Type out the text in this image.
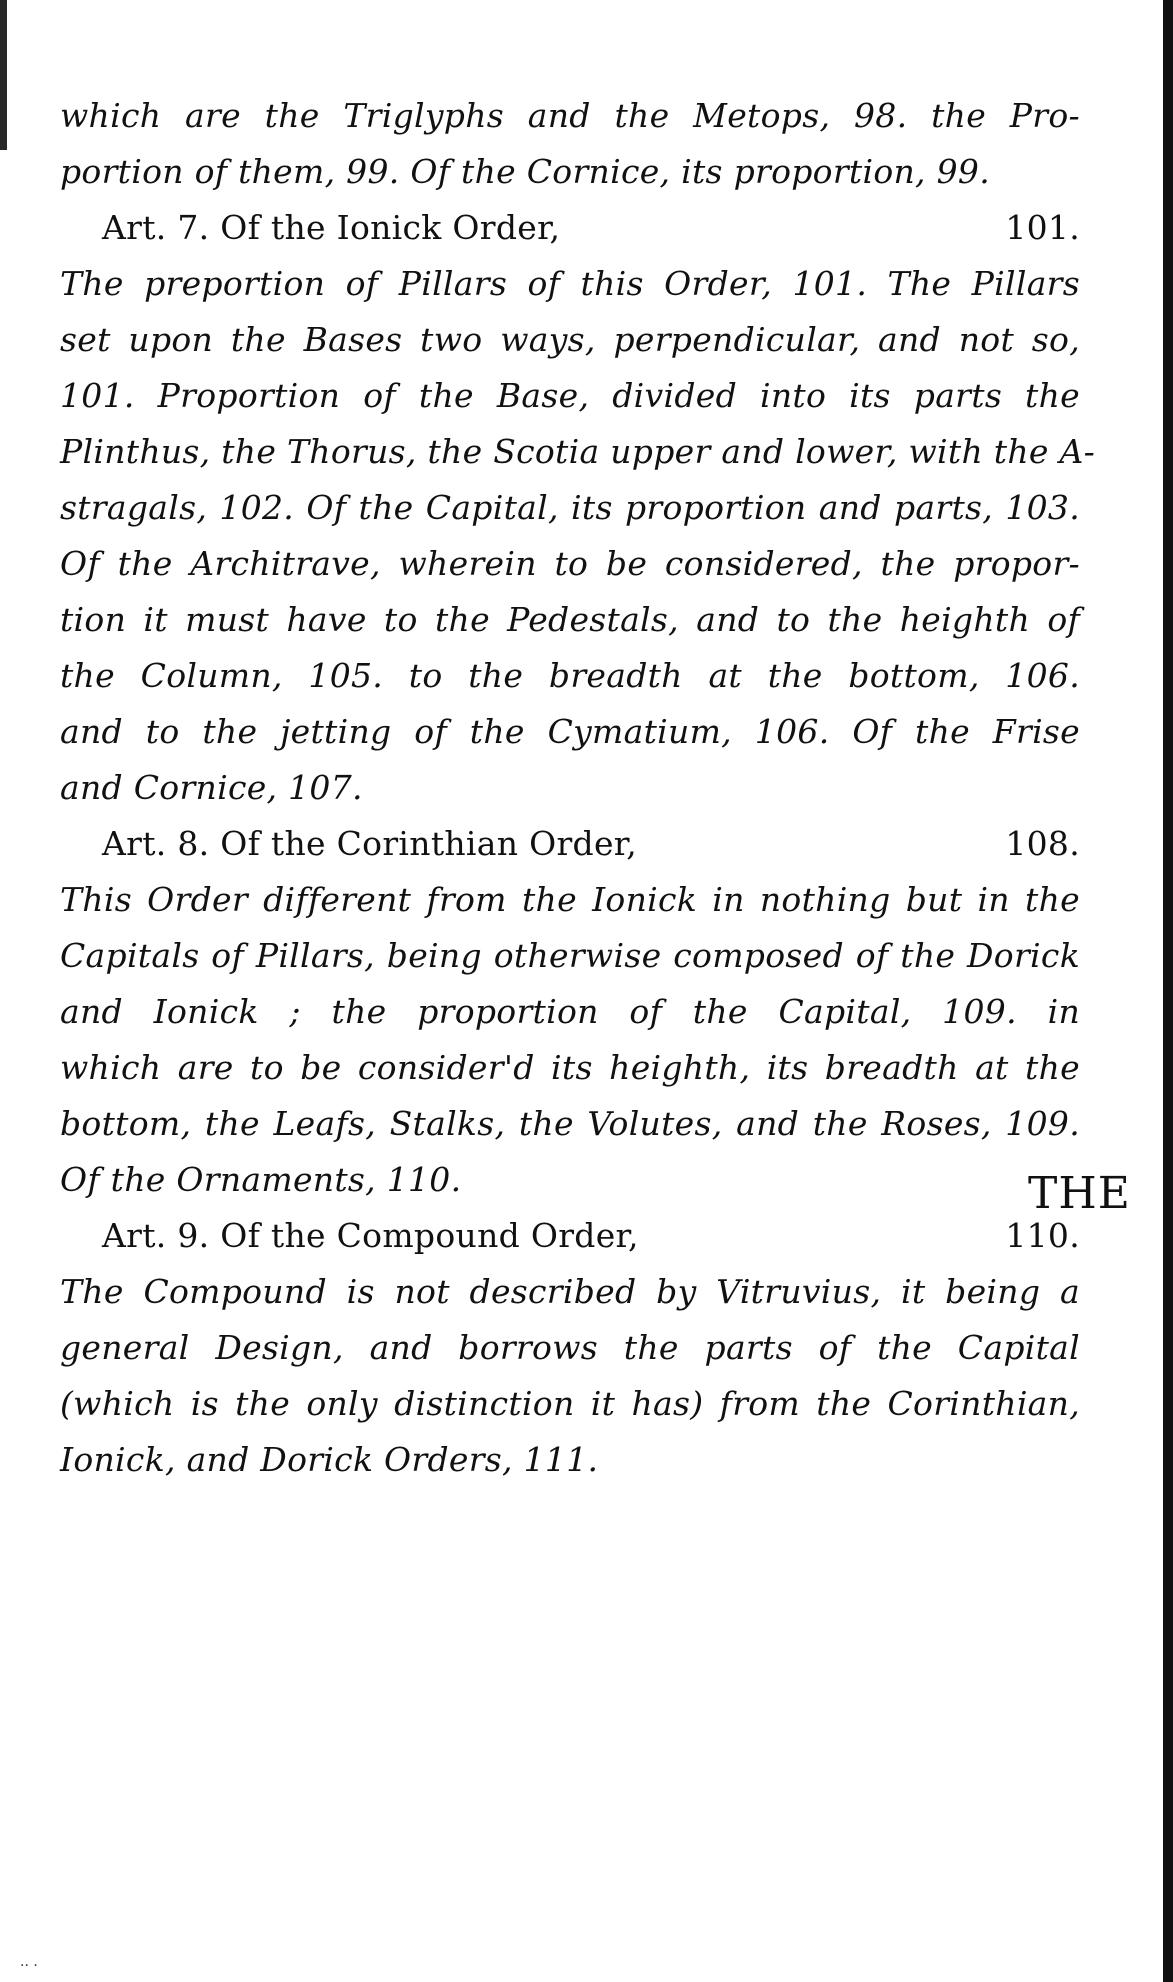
which are the Triglyphs and the Metops, 98. the Pro-
portion of them, 99. Of the Cornice, its proportion, 99.
Art. 7. Of the Ionick Order,	101.
The preportion of Pillars of this Order, 101. The Pillars
set upon the Bases two ways, perpendicular, and not so,
101. Proportion of the Base, divided into its parts the
Plinthus, the Thorus, the Scotia upper and lower, with the A-
stragals, 102. Of the Capital, its proportion and parts, 103.
Of the Architrave, wherein to be considered, the propor-
tion it must have to the Pedestals, and to the heighth of
the Column, 105. to the breadth at the bottom, 106.
and to the jetting of the Cymatium, 106. Of the Frise
and Cornice, 107.
Art. 8. Of the Corinthian Order,	108.
This Order different from the Ionick in nothing but in the
Capitals of Pillars, being otherwise composed of the Dorick
and Ionick ; the proportion of the Capital, 109. in
which are to be consider'd its heighth, its breadth at the
bottom, the Leafs, Stalks, the Volutes, and the Roses, 109.
Of the Ornaments, 110.
Art. 9. Of the Compound Order,	110.
The Compound is not described by Vitruvius, it being a
general Design, and borrows the parts of the Capital
(which is the only distinction it has) from the Corinthian,
Ionick, and Dorick Orders, 111.
THE
·· ·
